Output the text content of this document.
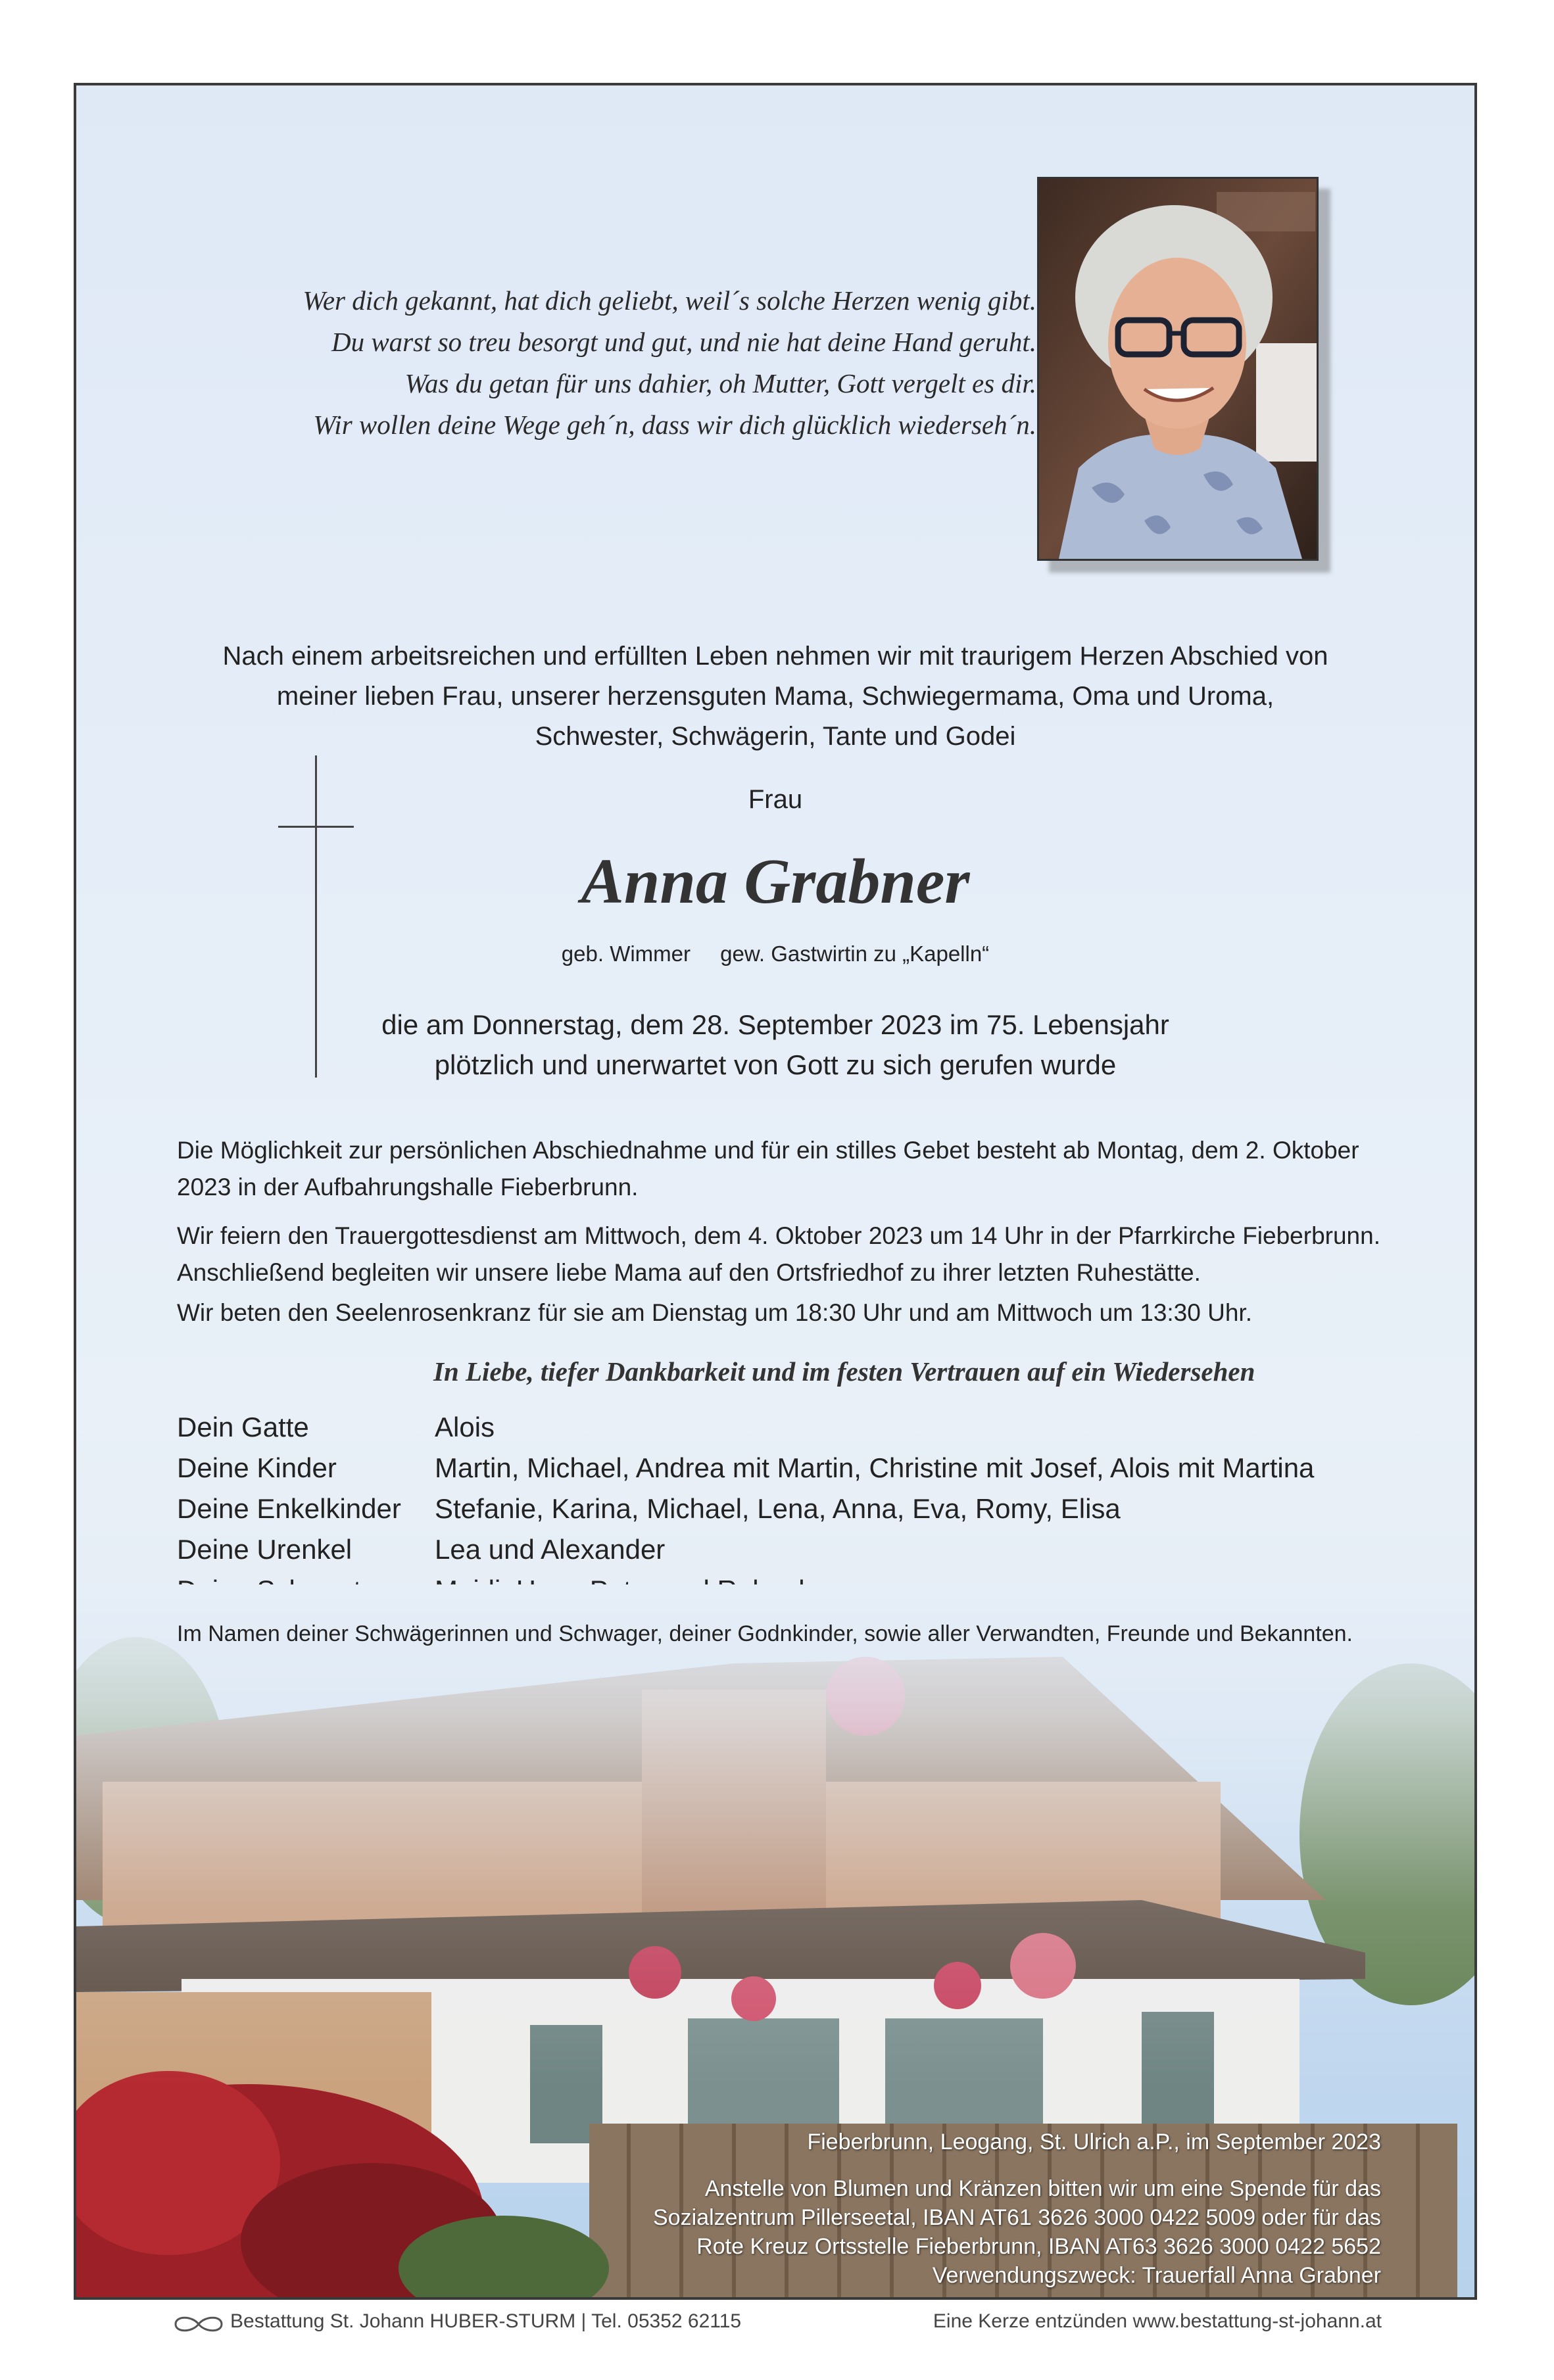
Wer dich gekannt, hat dich geliebt, weil´s solche Herzen wenig gibt.
Du warst so treu besorgt und gut, und nie hat deine Hand geruht.
Was du getan für uns dahier, oh Mutter, Gott vergelt es dir.
Wir wollen deine Wege geh´n, dass wir dich glücklich wiederseh´n.
Nach einem arbeitsreichen und erfüllten Leben nehmen wir mit traurigem Herzen Abschied von
meiner lieben Frau, unserer herzensguten Mama, Schwiegermama, Oma und Uroma,
Schwester, Schwägerin, Tante und Godei
Frau
Anna Grabner
geb. Wimmer gew. Gastwirtin zu „Kapelln“
die am Donnerstag, dem 28. September 2023 im 75. Lebensjahr
plötzlich und unerwartet von Gott zu sich gerufen wurde
Die Möglichkeit zur persönlichen Abschiednahme und für ein stilles Gebet besteht ab Montag, dem 2. Oktober 2023 in der Aufbahrungshalle Fieberbrunn.
Wir feiern den Trauergottesdienst am Mittwoch, dem 4. Oktober 2023 um 14 Uhr in der Pfarrkirche Fieberbrunn. Anschließend begleiten wir unsere liebe Mama auf den Ortsfriedhof zu ihrer letzten Ruhestätte.
Wir beten den Seelenrosenkranz für sie am Dienstag um 18:30 Uhr und am Mittwoch um 13:30 Uhr.
In Liebe, tiefer Dankbarkeit und im festen Vertrauen auf ein Wiedersehen
Dein Gatte	Alois
Deine Kinder	Martin, Michael, Andrea mit Martin, Christine mit Josef, Alois mit Martina
Deine Enkelkinder	Stefanie, Karina, Michael, Lena, Anna, Eva, Romy, Elisa
Deine Urenkel	Lea und Alexander
Im Namen deiner Schwägerinnen und Schwager, deiner Godnkinder, sowie aller Verwandten, Freunde und Bekannten.
Fieberbrunn, Leogang, St. Ulrich a.P., im September 2023
Anstelle von Blumen und Kränzen bitten wir um eine Spende für das
Sozialzentrum Pillerseetal, IBAN AT61 3626 3000 0422 5009 oder für das
Rote Kreuz Ortsstelle Fieberbrunn, IBAN AT63 3626 3000 0422 5652
Verwendungszweck: Trauerfall Anna Grabner
Bestattung St. Johann HUBER-STURM | Tel. 05352 62115	Eine Kerze entzünden www.bestattung-st-johann.at
